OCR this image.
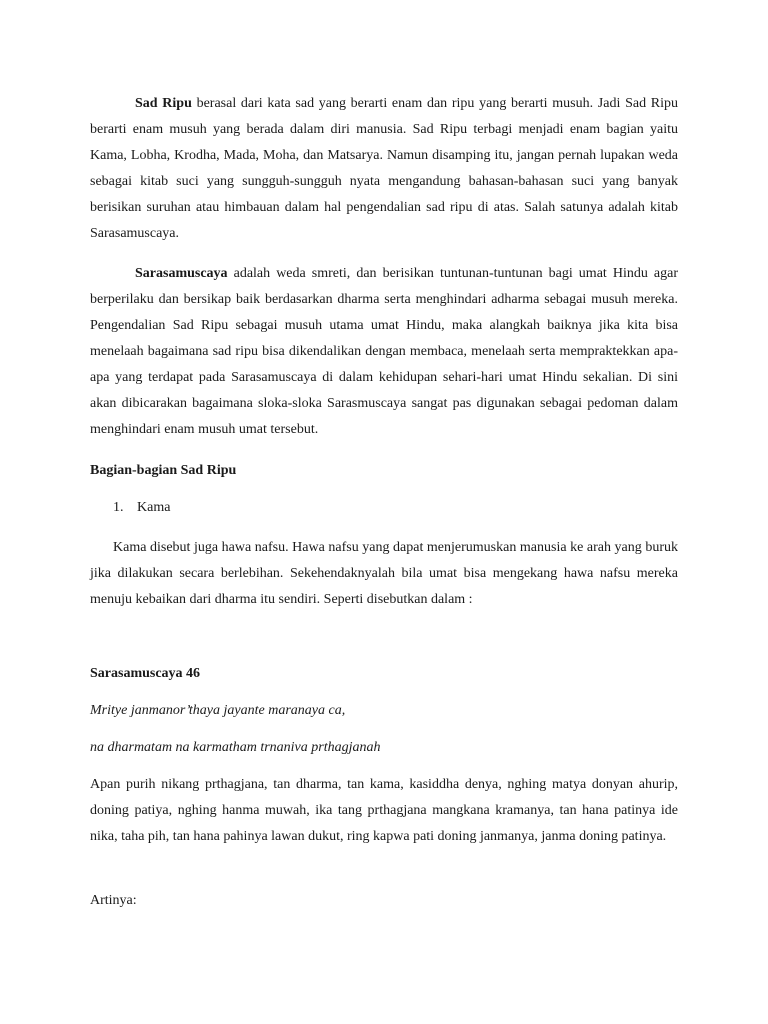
Sad Ripu berasal dari kata sad yang berarti enam dan ripu yang berarti musuh. Jadi Sad Ripu berarti enam musuh yang berada dalam diri manusia. Sad Ripu terbagi menjadi enam bagian yaitu Kama, Lobha, Krodha, Mada, Moha, dan Matsarya. Namun disamping itu, jangan pernah lupakan weda sebagai kitab suci yang sungguh-sungguh nyata mengandung bahasan-bahasan suci yang banyak berisikan suruhan atau himbauan dalam hal pengendalian sad ripu di atas. Salah satunya adalah kitab Sarasamuscaya.

Sarasamuscaya adalah weda smreti, dan berisikan tuntunan-tuntunan bagi umat Hindu agar berperilaku dan bersikap baik berdasarkan dharma serta menghindari adharma sebagai musuh mereka. Pengendalian Sad Ripu sebagai musuh utama umat Hindu, maka alangkah baiknya jika kita bisa menelaah bagaimana sad ripu bisa dikendalikan dengan membaca, menelaah serta mempraktekkan apa-apa yang terdapat pada Sarasamuscaya di dalam kehidupan sehari-hari umat Hindu sekalian. Di sini akan dibicarakan bagaimana sloka-sloka Sarasmuscaya sangat pas digunakan sebagai pedoman dalam menghindari enam musuh umat tersebut.

Bagian-bagian Sad Ripu

1. Kama

Kama disebut juga hawa nafsu. Hawa nafsu yang dapat menjerumuskan manusia ke arah yang buruk jika dilakukan secara berlebihan. Sekehendaknyalah bila umat bisa mengekang hawa nafsu mereka menuju kebaikan dari dharma itu sendiri. Seperti disebutkan dalam :

Sarasamuscaya 46

Mritye janmanor’thaya jayante maranaya ca,

na dharmatam na karmatham trnaniva prthagjanah

Apan purih nikang prthagjana, tan dharma, tan kama, kasiddha denya, nghing matya donyan ahurip, doning patiya, nghing hanma muwah, ika tang prthagjana mangkana kramanya, tan hana patinya ide nika, taha pih, tan hana pahinya lawan dukut, ring kapwa pati doning janmanya, janma doning patinya.

Artinya:
